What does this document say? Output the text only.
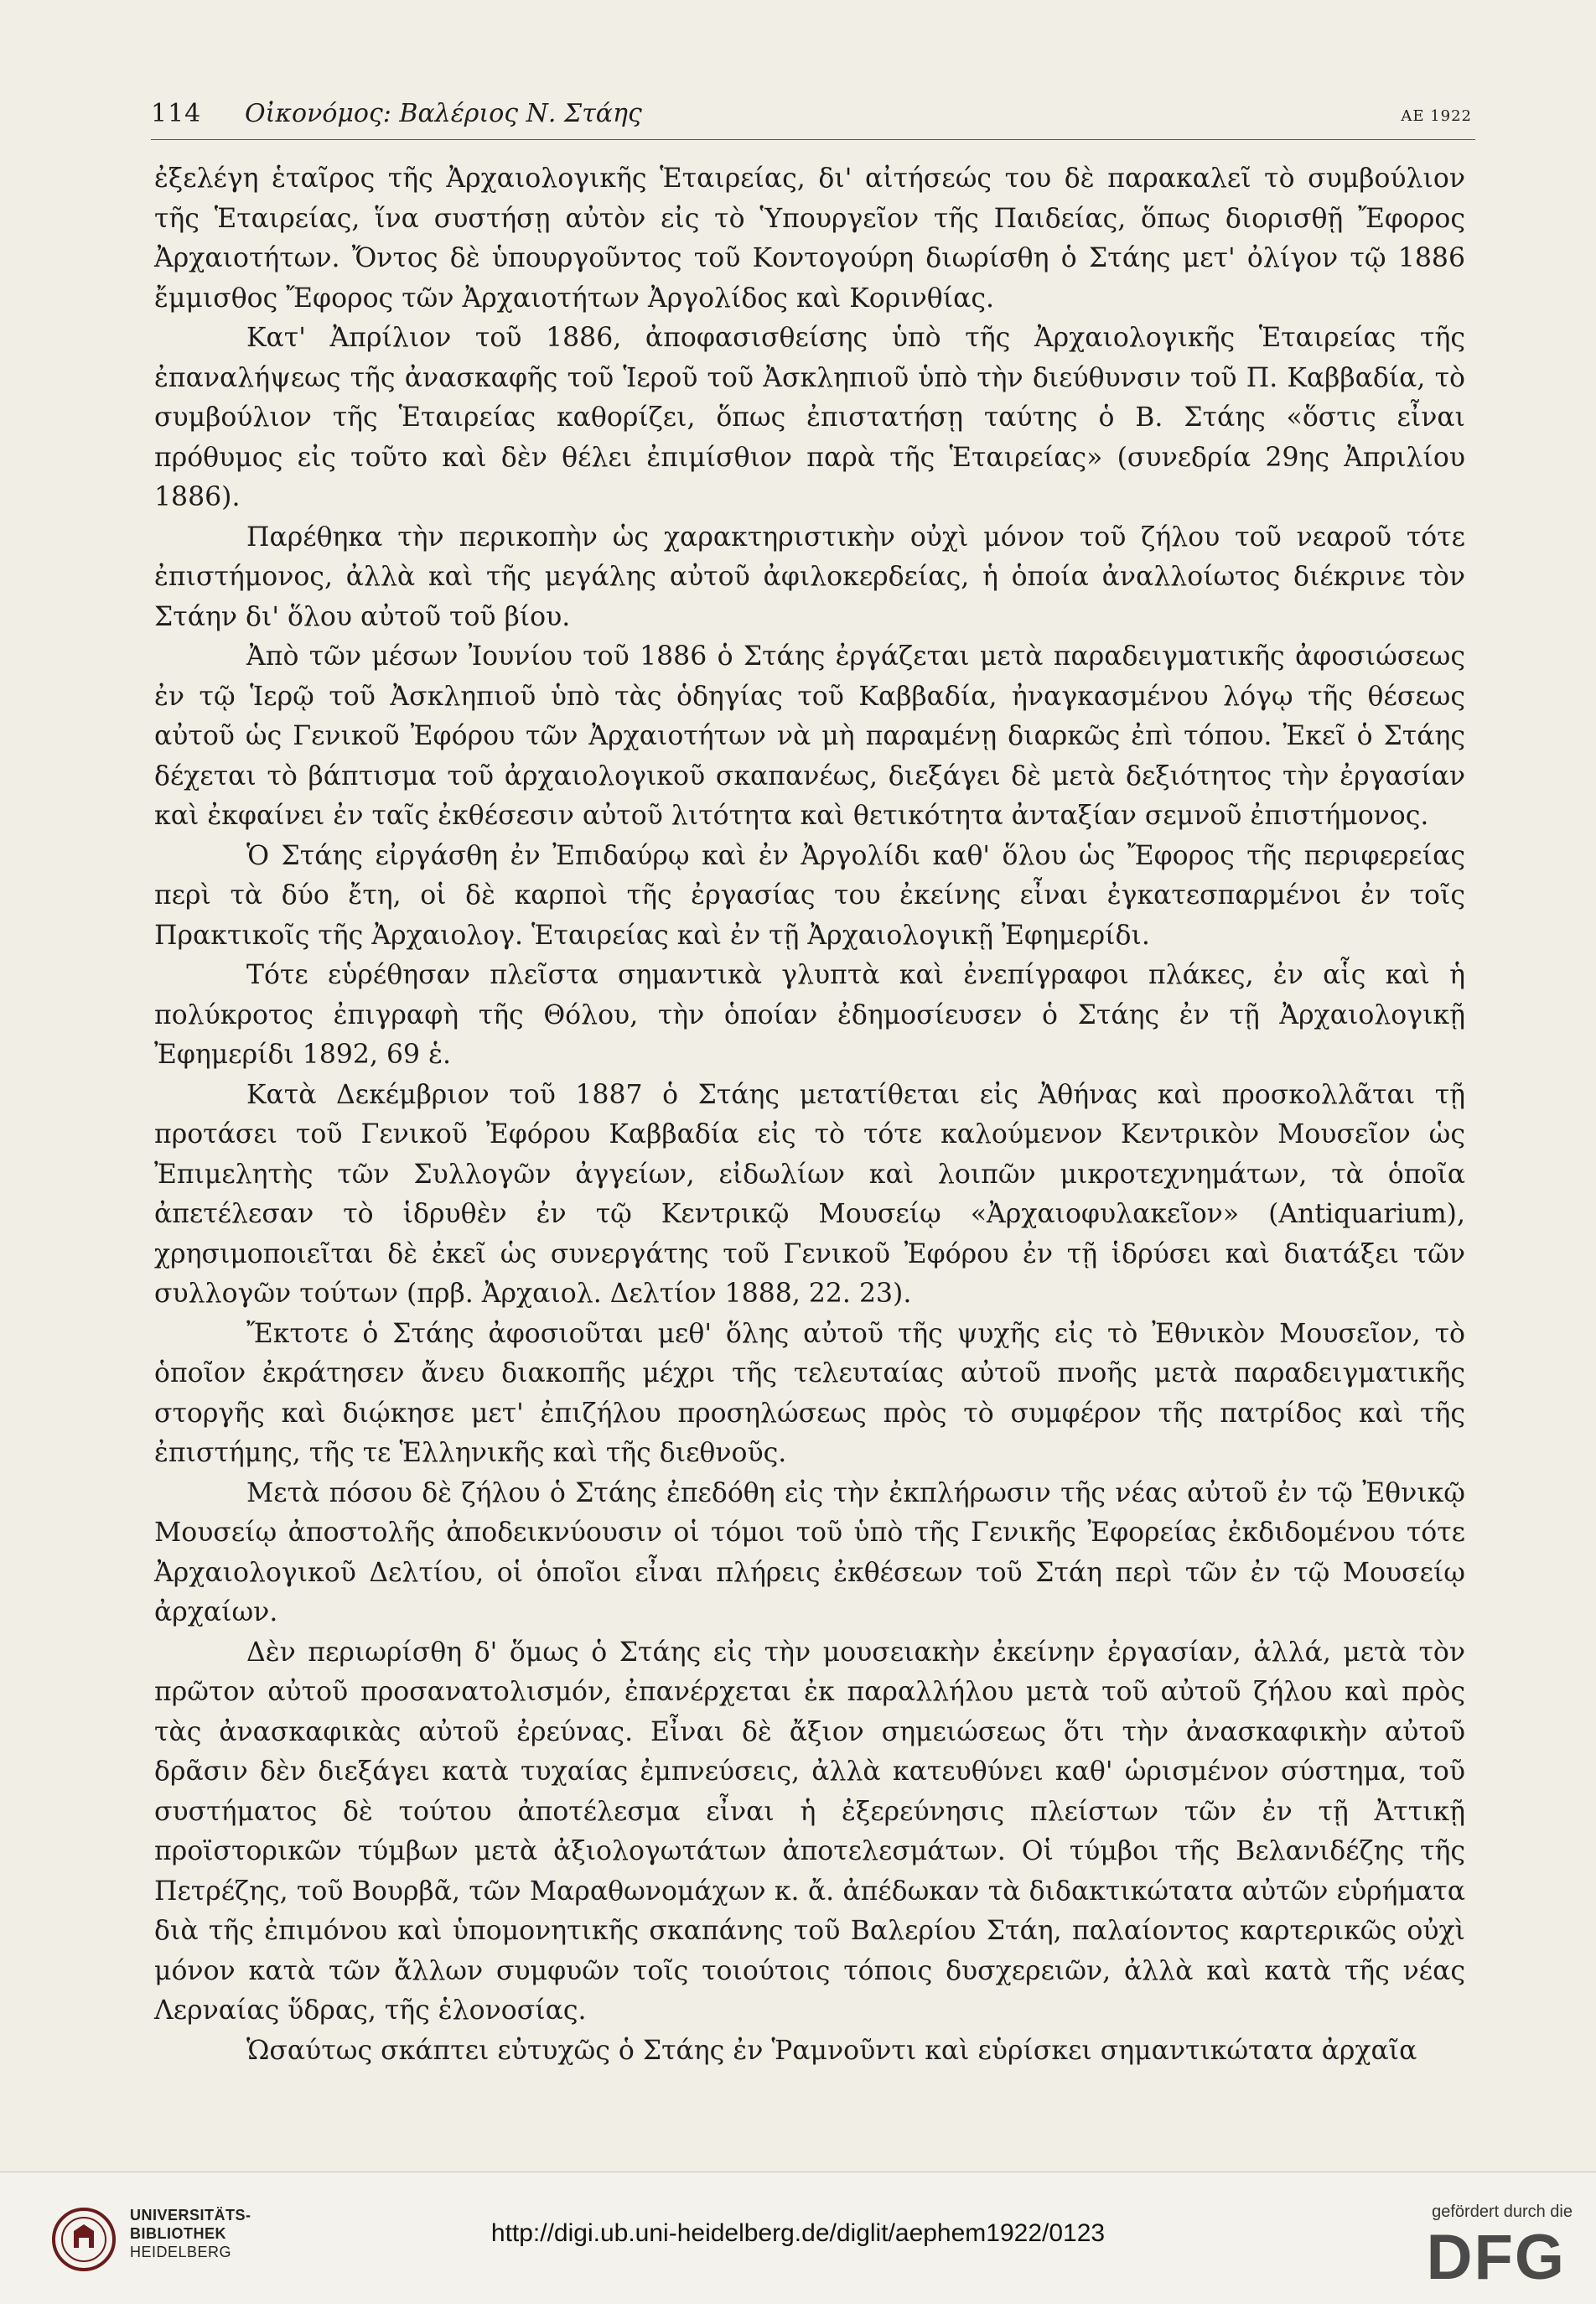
114 Οἰκονόμος: Βαλέριος Ν. Στάης	ΑΕ 1922

ἐξελέγη ἑταῖρος τῆς Ἀρχαιολογικῆς Ἑταιρείας, δι' αἰτήσεώς του δὲ παρακαλεῖ τὸ συμβούλιον τῆς Ἑταιρείας, ἵνα συστήσῃ αὐτὸν εἰς τὸ Ὑπουργεῖον τῆς Παιδείας, ὅπως διορισθῇ Ἔφορος Ἀρχαιοτήτων. Ὄντος δὲ ὑπουργοῦντος τοῦ Κοντογούρη διωρίσθη ὁ Στάης μετ' ὀλίγον τῷ 1886 ἔμμισθος Ἔφορος τῶν Ἀρχαιοτήτων Ἀργολίδος καὶ Κορινθίας.

Κατ' Ἀπρίλιον τοῦ 1886, ἀποφασισθείσης ὑπὸ τῆς Ἀρχαιολογικῆς Ἑταιρείας τῆς ἐπαναλήψεως τῆς ἀνασκαφῆς τοῦ Ἱεροῦ τοῦ Ἀσκληπιοῦ ὑπὸ τὴν διεύθυνσιν τοῦ Π. Καββαδία, τὸ συμβούλιον τῆς Ἑταιρείας καθορίζει, ὅπως ἐπιστατήσῃ ταύτης ὁ Β. Στάης «ὅστις εἶναι πρόθυμος εἰς τοῦτο καὶ δὲν θέλει ἐπιμίσθιον παρὰ τῆς Ἑταιρείας» (συνεδρία 29ης Ἀπριλίου 1886).

Παρέθηκα τὴν περικοπὴν ὡς χαρακτηριστικὴν οὐχὶ μόνον τοῦ ζήλου τοῦ νεαροῦ τότε ἐπιστήμονος, ἀλλὰ καὶ τῆς μεγάλης αὐτοῦ ἀφιλοκερδείας, ἡ ὁποία ἀναλλοίωτος διέκρινε τὸν Στάην δι' ὅλου αὐτοῦ τοῦ βίου.

Ἀπὸ τῶν μέσων Ἰουνίου τοῦ 1886 ὁ Στάης ἐργάζεται μετὰ παραδειγματικῆς ἀφοσιώσεως ἐν τῷ Ἱερῷ τοῦ Ἀσκληπιοῦ ὑπὸ τὰς ὁδηγίας τοῦ Καββαδία, ἠναγκασμένου λόγῳ τῆς θέσεως αὐτοῦ ὡς Γενικοῦ Ἐφόρου τῶν Ἀρχαιοτήτων νὰ μὴ παραμένῃ διαρκῶς ἐπὶ τόπου. Ἐκεῖ ὁ Στάης δέχεται τὸ βάπτισμα τοῦ ἀρχαιολογικοῦ σκαπανέως, διεξάγει δὲ μετὰ δεξιότητος τὴν ἐργασίαν καὶ ἐκφαίνει ἐν ταῖς ἐκθέσεσιν αὐτοῦ λιτότητα καὶ θετικότητα ἀνταξίαν σεμνοῦ ἐπιστήμονος.

Ὁ Στάης εἰργάσθη ἐν Ἐπιδαύρῳ καὶ ἐν Ἀργολίδι καθ' ὅλου ὡς Ἔφορος τῆς περιφερείας περὶ τὰ δύο ἔτη, οἱ δὲ καρποὶ τῆς ἐργασίας του ἐκείνης εἶναι ἐγκατεσπαρμένοι ἐν τοῖς Πρακτικοῖς τῆς Ἀρχαιολογ. Ἑταιρείας καὶ ἐν τῇ Ἀρχαιολογικῇ Ἐφημερίδι.

Τότε εὑρέθησαν πλεῖστα σημαντικὰ γλυπτὰ καὶ ἐνεπίγραφοι πλάκες, ἐν αἷς καὶ ἡ πολύκροτος ἐπιγραφὴ τῆς Θόλου, τὴν ὁποίαν ἐδημοσίευσεν ὁ Στάης ἐν τῇ Ἀρχαιολογικῇ Ἐφημερίδι 1892, 69 ἑ.

Κατὰ Δεκέμβριον τοῦ 1887 ὁ Στάης μετατίθεται εἰς Ἀθήνας καὶ προσκολλᾶται τῇ προτάσει τοῦ Γενικοῦ Ἐφόρου Καββαδία εἰς τὸ τότε καλούμενον Κεντρικὸν Μουσεῖον ὡς Ἐπιμελητὴς τῶν Συλλογῶν ἀγγείων, εἰδωλίων καὶ λοιπῶν μικροτεχνημάτων, τὰ ὁποῖα ἀπετέλεσαν τὸ ἱδρυθὲν ἐν τῷ Κεντρικῷ Μουσείῳ «Ἀρχαιοφυλακεῖον» (Antiquarium), χρησιμοποιεῖται δὲ ἐκεῖ ὡς συνεργάτης τοῦ Γενικοῦ Ἐφόρου ἐν τῇ ἱδρύσει καὶ διατάξει τῶν συλλογῶν τούτων (πρβ. Ἀρχαιολ. Δελτίον 1888, 22. 23).

Ἔκτοτε ὁ Στάης ἀφοσιοῦται μεθ' ὅλης αὐτοῦ τῆς ψυχῆς εἰς τὸ Ἐθνικὸν Μουσεῖον, τὸ ὁποῖον ἐκράτησεν ἄνευ διακοπῆς μέχρι τῆς τελευταίας αὐτοῦ πνοῆς μετὰ παραδειγματικῆς στοργῆς καὶ διῴκησε μετ' ἐπιζήλου προσηλώσεως πρὸς τὸ συμφέρον τῆς πατρίδος καὶ τῆς ἐπιστήμης, τῆς τε Ἑλληνικῆς καὶ τῆς διεθνοῦς.

Μετὰ πόσου δὲ ζήλου ὁ Στάης ἐπεδόθη εἰς τὴν ἐκπλήρωσιν τῆς νέας αὐτοῦ ἐν τῷ Ἐθνικῷ Μουσείῳ ἀποστολῆς ἀποδεικνύουσιν οἱ τόμοι τοῦ ὑπὸ τῆς Γενικῆς Ἐφορείας ἐκδιδομένου τότε Ἀρχαιολογικοῦ Δελτίου, οἱ ὁποῖοι εἶναι πλήρεις ἐκθέσεων τοῦ Στάη περὶ τῶν ἐν τῷ Μουσείῳ ἀρχαίων.

Δὲν περιωρίσθη δ' ὅμως ὁ Στάης εἰς τὴν μουσειακὴν ἐκείνην ἐργασίαν, ἀλλά, μετὰ τὸν πρῶτον αὐτοῦ προσανατολισμόν, ἐπανέρχεται ἐκ παραλλήλου μετὰ τοῦ αὐτοῦ ζήλου καὶ πρὸς τὰς ἀνασκαφικὰς αὐτοῦ ἐρεύνας. Εἶναι δὲ ἄξιον σημειώσεως ὅτι τὴν ἀνασκαφικὴν αὐτοῦ δρᾶσιν δὲν διεξάγει κατὰ τυχαίας ἐμπνεύσεις, ἀλλὰ κατευθύνει καθ' ὡρισμένον σύστημα, τοῦ συστήματος δὲ τούτου ἀποτέλεσμα εἶναι ἡ ἐξερεύνησις πλείστων τῶν ἐν τῇ Ἀττικῇ προϊστορικῶν τύμβων μετὰ ἀξιολογωτάτων ἀποτελεσμάτων. Οἱ τύμβοι τῆς Βελανιδέζης τῆς Πετρέζης, τοῦ Βουρβᾶ, τῶν Μαραθωνομάχων κ. ἄ. ἀπέδωκαν τὰ διδακτικώτατα αὐτῶν εὑρήματα διὰ τῆς ἐπιμόνου καὶ ὑπομονητικῆς σκαπάνης τοῦ Βαλερίου Στάη, παλαίοντος καρτερικῶς οὐχὶ μόνον κατὰ τῶν ἄλλων συμφυῶν τοῖς τοιούτοις τόποις δυσχερειῶν, ἀλλὰ καὶ κατὰ τῆς νέας Λερναίας ὕδρας, τῆς ἑλονοσίας.

Ὡσαύτως σκάπτει εὐτυχῶς ὁ Στάης ἐν Ῥαμνοῦντι καὶ εὑρίσκει σημαντικώτατα ἀρχαῖα

UNIVERSITÄTS-
BIBLIOTHEK
HEIDELBERG
http://digi.ub.uni-heidelberg.de/diglit/aephem1922/0123
gefördert durch die
DFG
